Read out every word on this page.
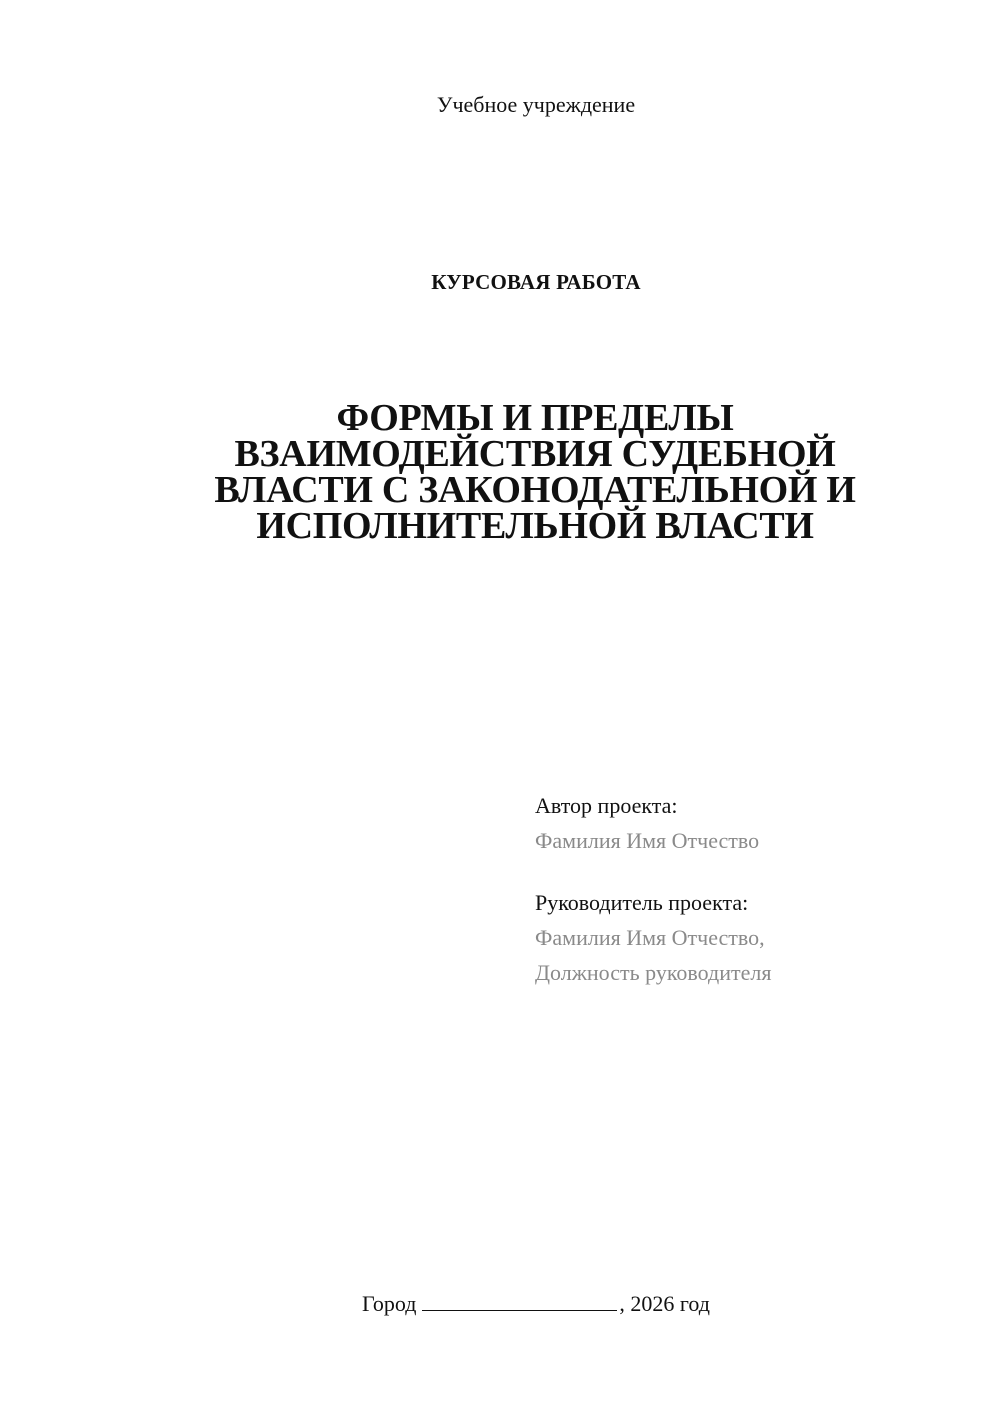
Учебное учреждение
КУРСОВАЯ РАБОТА
ФОРМЫ И ПРЕДЕЛЫ
ВЗАИМОДЕЙСТВИЯ СУДЕБНОЙ
ВЛАСТИ С ЗАКОНОДАТЕЛЬНОЙ И
ИСПОЛНИТЕЛЬНОЙ ВЛАСТИ
Автор проекта:
Фамилия Имя Отчество
Руководитель проекта:
Фамилия Имя Отчество,
Должность руководителя
Город	, 2026 год
